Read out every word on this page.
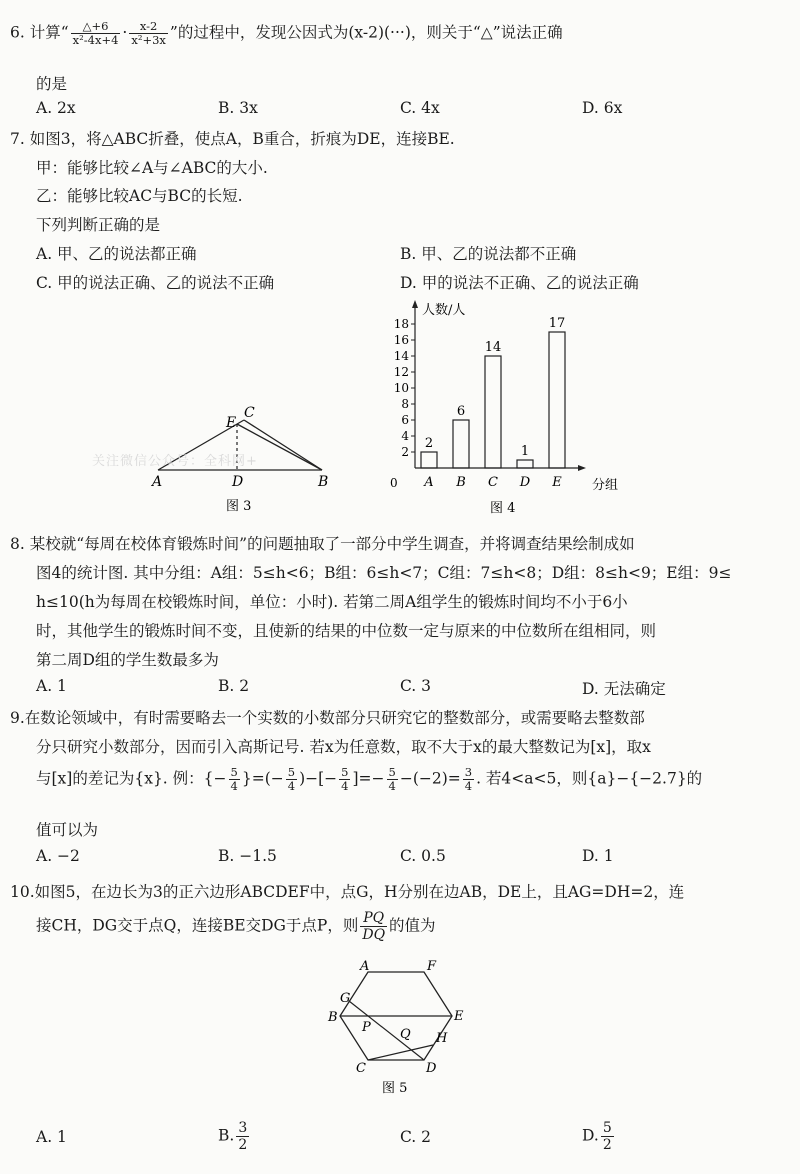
6. 计算“ $\frac{\triangle+6}{\text{x²-4x+4}} \cdot \frac{x-2}{\text{x²+3x}}$ ”的过程中，发现公因式为(x-2)(···)，则关于“△”说法正确
的是
A. 2x	B. 3x	C. 4x	D. 6x
7. 如图3，将△ABC折叠，使点A，B重合，折痕为DE，连接BE.
甲：能够比较∠A与∠ABC的大小.
乙：能够比较AC与BC的长短.
下列判断正确的是
A. 甲、乙的说法都正确	B. 甲、乙的说法都不正确
C. 甲的说法正确、乙的说法不正确	D. 甲的说法不正确、乙的说法正确
A	B
C
E
D
图 3
关注微信公众号：全科网+
2
4
6
8
10
12
14
16
18
2
A
6
B
14
C
1
D
17
E
人数/人
分组
0
图 4
8. 某校就“每周在校体育锻炼时间”的问题抽取了一部分中学生调查，并将调查结果绘制成如
图4的统计图. 其中分组：A组：5≤h<6；B组：6≤h<7；C组：7≤h<8；D组：8≤h<9；E组：9≤
h≤10(h为每周在校锻炼时间，单位：小时). 若第二周A组学生的锻炼时间均不小于6小
时，其他学生的锻炼时间不变，且使新的结果的中位数一定与原来的中位数所在组相同，则
第二周D组的学生数最多为
A. 1	B. 2	C. 3	D. 无法确定
9.在数论领域中，有时需要略去一个实数的小数部分只研究它的整数部分，或需要略去整数部
分只研究小数部分，因而引入高斯记号. 若x为任意数，取不大于x的最大整数记为[x]，取x
与[x]的差记为{x}. 例：{− $\frac{5}{4}$ }=(− $\frac{5}{4}$ )−[− $\frac{5}{4}$ ]=− $\frac{5}{4} -(-2)= \frac{3}{4}$ . 若4<a<5，则{a}−{−2.7}的
值可以为
A. −2	B. −1.5	C. 0.5	D. 1
10.如图5，在边长为3的正六边形ABCDEF中，点G，H分别在边AB，DE上，且AG=DH=2，连
接CH，DG交于点Q，连接BE交DG于点P，则 $\frac{PQ}{DQ}$ 的值为
A	F
G
B	E
P Q H
C	D
图 5
A. 1	B. $\frac{3}{2}$	C. 2	D. $\frac{5}{2}$
